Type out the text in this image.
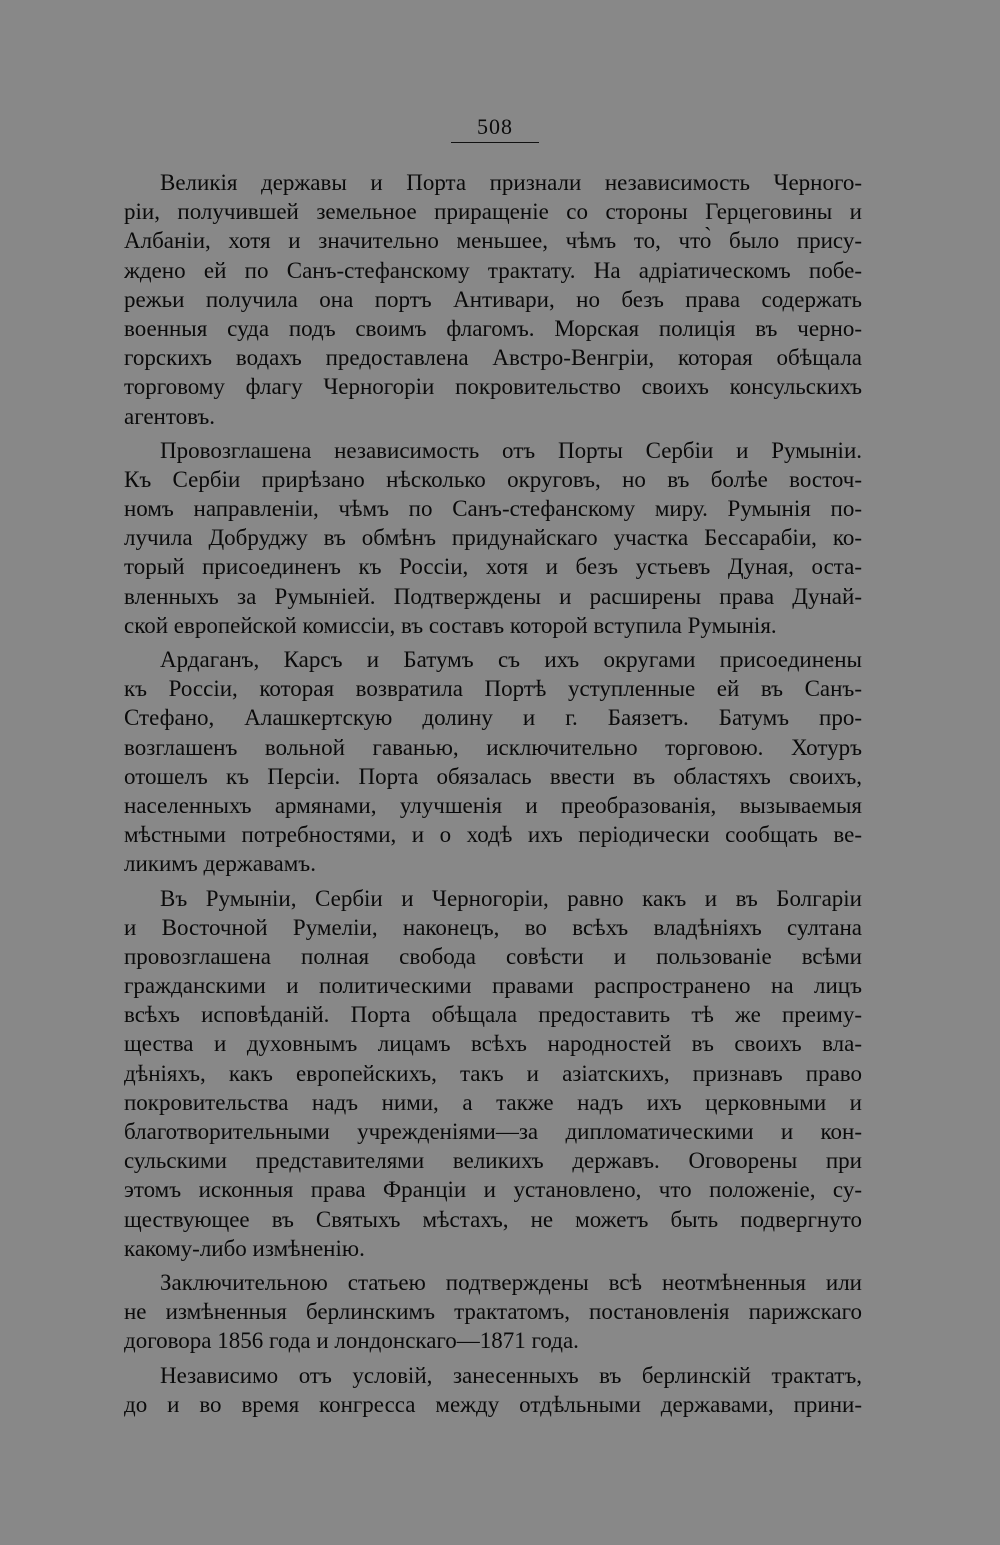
508
Великія державы и Порта признали независимость Черного-
ріи, получившей земельное приращеніе со стороны Герцеговины и
Албаніи, хотя и значительно меньшее, чѣмъ то, что̀ было прису-
ждено ей по Санъ-стефанскому трактату. На адріатическомъ побе-
режьи получила она портъ Антивари, но безъ права содержать
военныя суда подъ своимъ флагомъ. Морская полиція въ черно-
горскихъ водахъ предоставлена Австро-Венгріи, которая обѣщала
торговому флагу Черногоріи покровительство своихъ консульскихъ
агентовъ.
Провозглашена независимость отъ Порты Сербіи и Румыніи.
Къ Сербіи прирѣзано нѣсколько округовъ, но въ болѣе восточ-
номъ направленіи, чѣмъ по Санъ-стефанскому миру. Румынія по-
лучила Добруджу въ обмѣнъ придунайскаго участка Бессарабіи, ко-
торый присоединенъ къ Россіи, хотя и безъ устьевъ Дуная, оста-
вленныхъ за Румыніей. Подтверждены и расширены права Дунай-
ской европейской комиссіи, въ составъ которой вступила Румынія.
Ардаганъ, Карсъ и Батумъ съ ихъ округами присоединены
къ Россіи, которая возвратила Портѣ уступленные ей въ Санъ-
Стефано, Алашкертскую долину и г. Баязетъ. Батумъ про-
возглашенъ вольной гаванью, исключительно торговою. Хотуръ
отошелъ къ Персіи. Порта обязалась ввести въ областяхъ своихъ,
населенныхъ армянами, улучшенія и преобразованія, вызываемыя
мѣстными потребностями, и о ходѣ ихъ періодически сообщать ве-
ликимъ державамъ.
Въ Румыніи, Сербіи и Черногоріи, равно какъ и въ Болгаріи
и Восточной Румеліи, наконецъ, во всѣхъ владѣніяхъ султана
провозглашена полная свобода совѣсти и пользованіе всѣми
гражданскими и политическими правами распространено на лицъ
всѣхъ исповѣданій. Порта обѣщала предоставить тѣ же преиму-
щества и духовнымъ лицамъ всѣхъ народностей въ своихъ вла-
дѣніяхъ, какъ европейскихъ, такъ и азіатскихъ, признавъ право
покровительства надъ ними, а также надъ ихъ церковными и
благотворительными учрежденіями—за дипломатическими и кон-
сульскими представителями великихъ державъ. Оговорены при
этомъ исконныя права Франціи и установлено, что положеніе, су-
ществующее въ Святыхъ мѣстахъ, не можетъ быть подвергнуто
какому-либо измѣненію.
Заключительною статьею подтверждены всѣ неотмѣненныя или
не измѣненныя берлинскимъ трактатомъ, постановленія парижскаго
договора 1856 года и лондонскаго—1871 года.
Независимо отъ условій, занесенныхъ въ берлинскій трактатъ,
до и во время конгресса между отдѣльными державами, прини-
